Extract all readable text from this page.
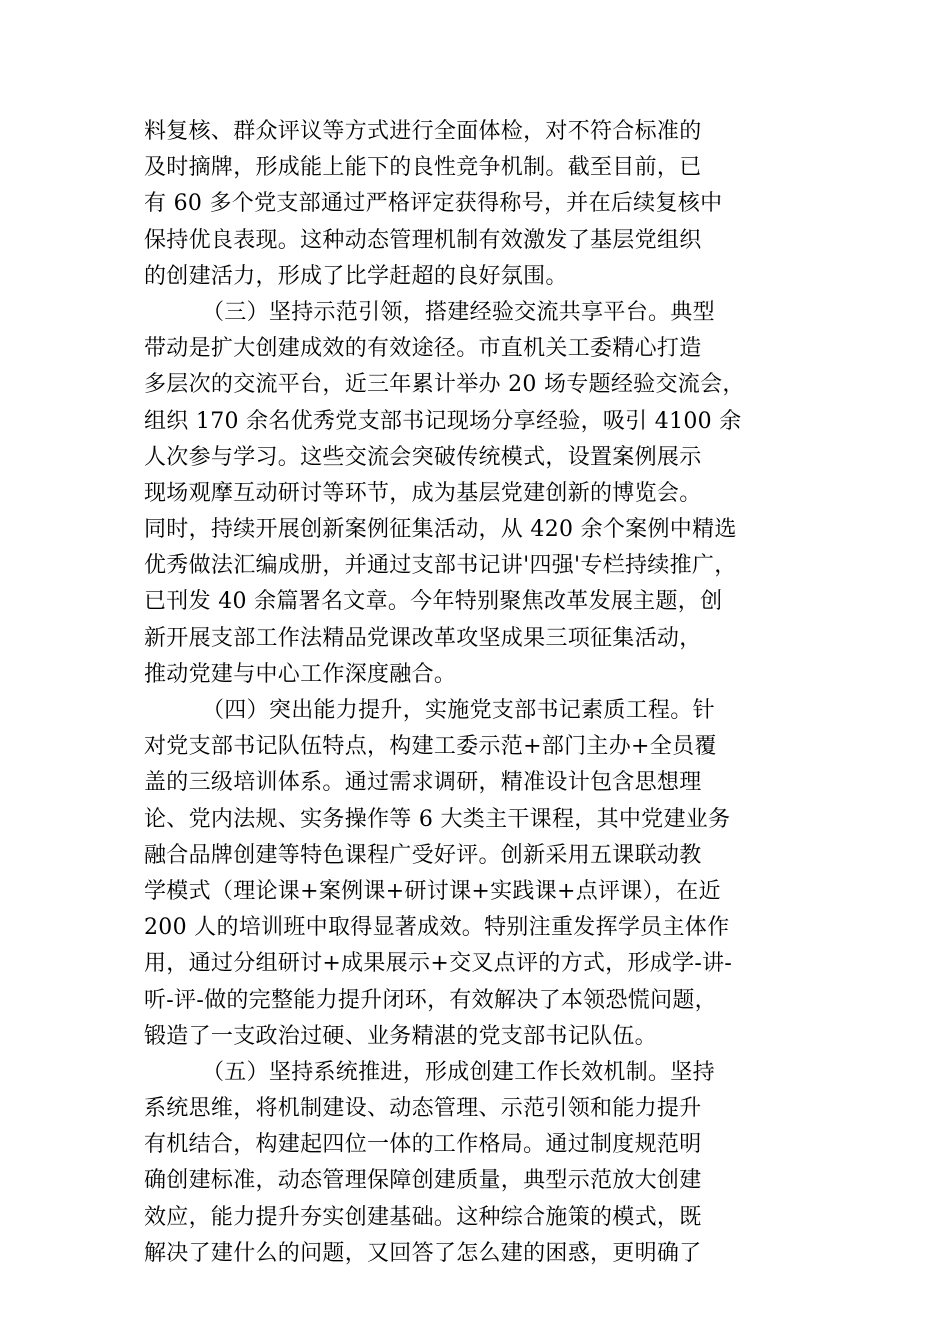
料复核、群众评议等方式进行全面体检，对不符合标准的
及时摘牌，形成能上能下的良性竞争机制。截至目前，已
有 60 多个党支部通过严格评定获得称号，并在后续复核中
保持优良表现。这种动态管理机制有效激发了基层党组织
的创建活力，形成了比学赶超的良好氛围。
（三）坚持示范引领，搭建经验交流共享平台。典型
带动是扩大创建成效的有效途径。市直机关工委精心打造
多层次的交流平台，近三年累计举办 20 场专题经验交流会，
组织 170 余名优秀党支部书记现场分享经验，吸引 4100 余
人次参与学习。这些交流会突破传统模式，设置案例展示
现场观摩互动研讨等环节，成为基层党建创新的博览会。
同时，持续开展创新案例征集活动，从 420 余个案例中精选
优秀做法汇编成册，并通过支部书记讲'四强'专栏持续推广，
已刊发 40 余篇署名文章。今年特别聚焦改革发展主题，创
新开展支部工作法精品党课改革攻坚成果三项征集活动，
推动党建与中心工作深度融合。
（四）突出能力提升，实施党支部书记素质工程。针
对党支部书记队伍特点，构建工委示范+部门主办+全员覆
盖的三级培训体系。通过需求调研，精准设计包含思想理
论、党内法规、实务操作等 6 大类主干课程，其中党建业务
融合品牌创建等特色课程广受好评。创新采用五课联动教
学模式（理论课+案例课+研讨课+实践课+点评课），在近
200 人的培训班中取得显著成效。特别注重发挥学员主体作
用，通过分组研讨+成果展示+交叉点评的方式，形成学-讲-
听-评-做的完整能力提升闭环，有效解决了本领恐慌问题，
锻造了一支政治过硬、业务精湛的党支部书记队伍。
（五）坚持系统推进，形成创建工作长效机制。坚持
系统思维，将机制建设、动态管理、示范引领和能力提升
有机结合，构建起四位一体的工作格局。通过制度规范明
确创建标准，动态管理保障创建质量，典型示范放大创建
效应，能力提升夯实创建基础。这种综合施策的模式，既
解决了建什么的问题，又回答了怎么建的困惑，更明确了
